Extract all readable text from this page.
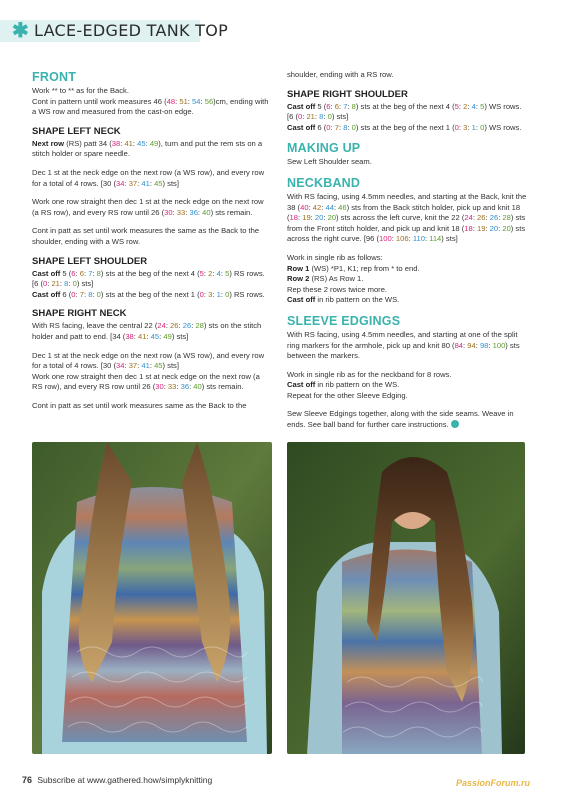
✱ LACE-EDGED TANK TOP
FRONT

Work ** to ** as for the Back.

Cont in pattern until work measures 46 (48: 51: 54: 56)cm, ending with a WS row and measured from the cast-on edge.

SHAPE LEFT NECK

Next row (RS) patt 34 (38: 41: 45: 49), turn and put the rem sts on a stitch holder or spare needle.

Dec 1 st at the neck edge on the next row (a WS row), and every row for a total of 4 rows. [30 (34: 37: 41: 45) sts]

Work one row straight then dec 1 st at the neck edge on the next row (a RS row), and every RS row until 26 (30: 33: 36: 40) sts remain.

Cont in patt as set until work measures the same as the Back to the shoulder, ending with a WS row.

SHAPE LEFT SHOULDER

Cast off 5 (6: 6: 7: 8) sts at the beg of the next 4 (5: 2: 4: 5) RS rows.

[6 (0: 21: 8: 0) sts]

Cast off 6 (0: 7: 8: 0) sts at the beg of the next 1 (0: 3: 1: 0) RS rows.

SHAPE RIGHT NECK

With RS facing, leave the central 22 (24: 26: 26: 28) sts on the stitch holder and patt to end. [34 (38: 41: 45: 49) sts]

Dec 1 st at the neck edge on the next row (a WS row), and every row for a total of 4 rows. [30 (34: 37: 41: 45) sts]

Work one row straight then dec 1 st at neck edge on the next row (a RS row), and every RS row until 26 (30: 33: 36: 40) sts remain.

Cont in patt as set until work measures same as the Back to the

shoulder, ending with a RS row.

SHAPE RIGHT SHOULDER

Cast off 5 (6: 6: 7: 8) sts at the beg of the next 4 (5: 2: 4: 5) WS rows.

[6 (0: 21: 8: 0) sts]

Cast off 6 (0: 7: 8: 0) sts at the beg of the next 1 (0: 3: 1: 0) WS rows.

MAKING UP

Sew Left Shoulder seam.

NECKBAND

With RS facing, using 4.5mm needles, and starting at the Back, knit the 38 (40: 42: 44: 46) sts from the Back stitch holder, pick up and knit 18 (18: 19: 20: 20) sts across the left curve, knit the 22 (24: 26: 26: 28) sts from the Front stitch holder, and pick up and knit 18 (18: 19: 20: 20) sts across the right curve. [96 (100: 106: 110: 114) sts]

Work in single rib as follows:

Row 1 (WS) *P1, K1; rep from * to end.

Row 2 (RS) As Row 1.

Rep these 2 rows twice more.

Cast off in rib pattern on the WS.

SLEEVE EDGINGS

With RS facing, using 4.5mm needles, and starting at one of the split ring markers for the armhole, pick up and knit 80 (84: 94: 98: 100) sts between the markers.

Work in single rib as for the neckband for 8 rows.

Cast off in rib pattern on the WS.

Repeat for the other Sleeve Edging.

Sew Sleeve Edgings together, along with the side seams. Weave in ends. See ball band for further care instructions.

76 Subscribe at www.gathered.how/simplyknitting	PassionForum.ru
